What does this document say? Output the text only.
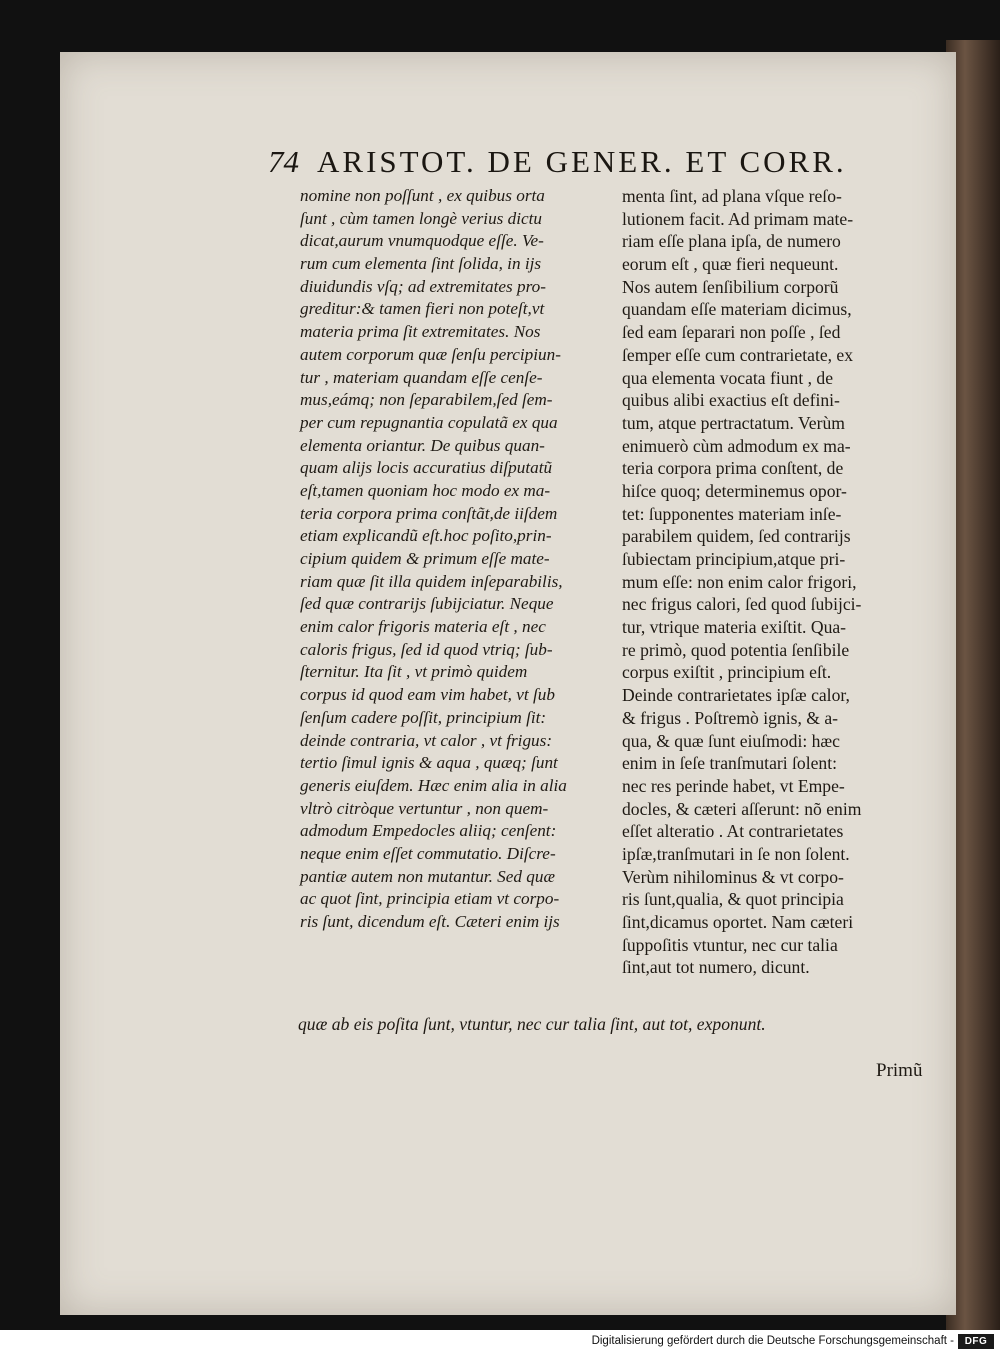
74 ARISTOT. DE GENER. ET CORR.
nomine non poſſunt , ex quibus orta
ſunt , cùm tamen longè verius dictu
dicat,aurum vnumquodque eſſe. Ve-
rum cum elementa ſint ſolida, in ijs
diuidundis vſq; ad extremitates pro-
greditur:& tamen fieri non poteſt,vt
materia prima ſit extremitates. Nos
autem corporum quæ ſenſu percipiun-
tur , materiam quandam eſſe cenſe-
mus,eámq; non ſeparabilem,ſed ſem-
per cum repugnantia copulatã ex qua
elementa oriantur. De quibus quan-
quam alijs locis accuratius diſputatũ
eſt,tamen quoniam hoc modo ex ma-
teria corpora prima conſtãt,de iiſdem
etiam explicandũ eſt.hoc poſito,prin-
cipium quidem & primum eſſe mate-
riam quæ ſit illa quidem inſeparabilis,
ſed quæ contrarijs ſubijciatur. Neque
enim calor frigoris materia eſt , nec
caloris frigus, ſed id quod vtriq; ſub-
ſternitur. Ita ſit , vt primò quidem
corpus id quod eam vim habet, vt ſub
ſenſum cadere poſſit, principium ſit:
deinde contraria, vt calor , vt frigus:
tertio ſimul ignis & aqua , quæq; ſunt
generis eiuſdem. Hæc enim alia in alia
vltrò citròque vertuntur , non quem-
admodum Empedocles aliiq; cenſent:
neque enim eſſet commutatio. Diſcre-
pantiæ autem non mutantur. Sed quæ
ac quot ſint, principia etiam vt corpo-
ris ſunt, dicendum eſt. Cæteri enim ijs
menta ſint, ad plana vſque reſo-
lutionem facit. Ad primam mate-
riam eſſe plana ipſa, de numero
eorum eſt , quæ fieri nequeunt.
Nos autem ſenſibilium corporũ
quandam eſſe materiam dicimus,
ſed eam ſeparari non poſſe , ſed
ſemper eſſe cum contrarietate, ex
qua elementa vocata fiunt , de
quibus alibi exactius eſt defini-
tum, atque pertractatum. Verùm
enimuerò cùm admodum ex ma-
teria corpora prima conſtent, de
hiſce quoq; determinemus opor-
tet: ſupponentes materiam inſe-
parabilem quidem, ſed contrarijs
ſubiectam principium,atque pri-
mum eſſe: non enim calor frigori,
nec frigus calori, ſed quod ſubijci-
tur, vtrique materia exiſtit. Qua-
re primò, quod potentia ſenſibile
corpus exiſtit , principium eſt.
Deinde contrarietates ipſæ calor,
& frigus . Poſtremò ignis, & a-
qua, & quæ ſunt eiuſmodi: hæc
enim in ſeſe tranſmutari ſolent:
nec res perinde habet, vt Empe-
docles, & cæteri aſſerunt: nõ enim
eſſet alteratio . At contrarietates
ipſæ,tranſmutari in ſe non ſolent.
Verùm nihilominus & vt corpo-
ris ſunt,qualia, & quot principia
ſint,dicamus oportet. Nam cæteri
ſuppoſitis vtuntur, nec cur talia
ſint,aut tot numero, dicunt.
quæ ab eis poſita ſunt, vtuntur, nec cur talia ſint, aut tot, exponunt.
Primũ
Digitalisierung gefördert durch die Deutsche Forschungsgemeinschaft -	DFG
